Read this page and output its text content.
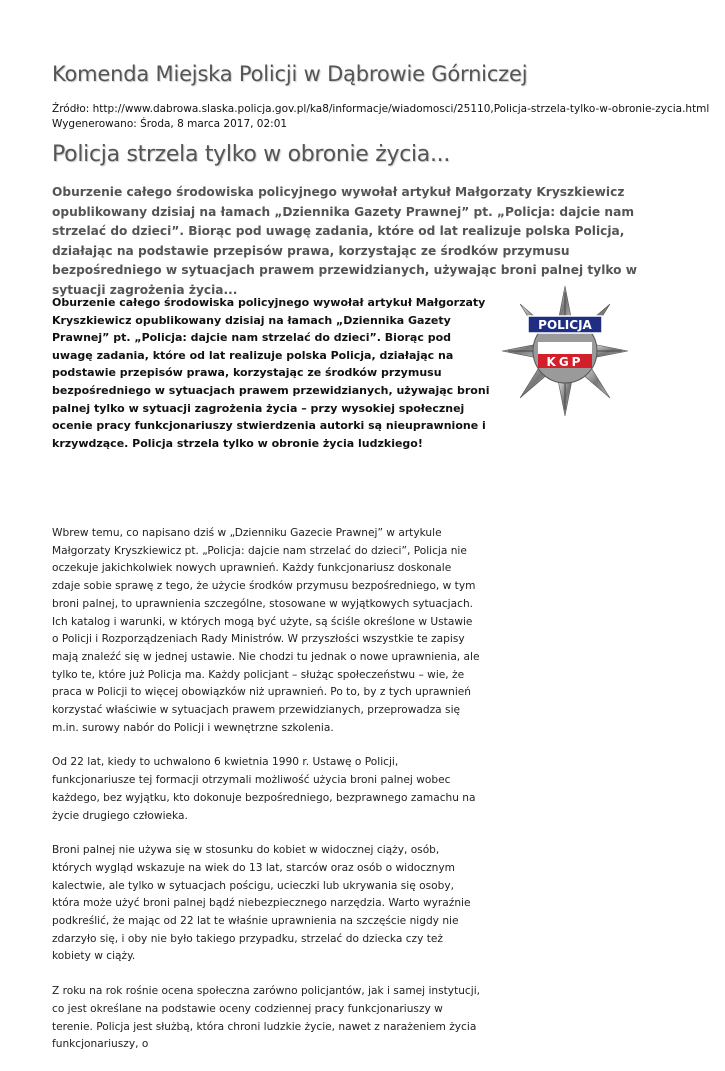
Komenda Miejska Policji w Dąbrowie Górniczej
Źródło: http://www.dabrowa.slaska.policja.gov.pl/ka8/informacje/wiadomosci/25110,Policja-strzela-tylko-w-obronie-zycia.html
Wygenerowano: Środa, 8 marca 2017, 02:01
Policja strzela tylko w obronie życia...

Oburzenie całego środowiska policyjnego wywołał artykuł Małgorzaty Kryszkiewicz opublikowany dzisiaj na łamach „Dziennika Gazety Prawnej” pt. „Policja: dajcie nam strzelać do dzieci”. Biorąc pod uwagę zadania, które od lat realizuje polska Policja, działając na podstawie przepisów prawa, korzystając ze środków przymusu bezpośredniego w sytuacjach prawem przewidzianych, używając broni palnej tylko w sytuacji zagrożenia życia...

Oburzenie całego środowiska policyjnego wywołał artykuł Małgorzaty Kryszkiewicz opublikowany dzisiaj na łamach „Dziennika Gazety Prawnej” pt. „Policja: dajcie nam strzelać do dzieci”. Biorąc pod uwagę zadania, które od lat realizuje polska Policja, działając na podstawie przepisów prawa, korzystając ze środków przymusu bezpośredniego w sytuacjach prawem przewidzianych, używając broni palnej tylko w sytuacji zagrożenia życia – przy wysokiej społecznej ocenie pracy funkcjonariuszy stwierdzenia autorki są nieuprawnione i krzywdzące. Policja strzela tylko w obronie życia ludzkiego!

POLICJA
KGP

Wbrew temu, co napisano dziś w „Dzienniku Gazecie Prawnej” w artykule Małgorzaty Kryszkiewicz pt. „Policja: dajcie nam strzelać do dzieci”, Policja nie oczekuje jakichkolwiek nowych uprawnień. Każdy funkcjonariusz doskonale zdaje sobie sprawę z tego, że użycie środków przymusu bezpośredniego, w tym broni palnej, to uprawnienia szczególne, stosowane w wyjątkowych sytuacjach. Ich katalog i warunki, w których mogą być użyte, są ściśle określone w Ustawie o Policji i Rozporządzeniach Rady Ministrów. W przyszłości wszystkie te zapisy mają znaleźć się w jednej ustawie. Nie chodzi tu jednak o nowe uprawnienia, ale tylko te, które już Policja ma. Każdy policjant – służąc społeczeństwu – wie, że praca w Policji to więcej obowiązków niż uprawnień. Po to, by z tych uprawnień korzystać właściwie w sytuacjach prawem przewidzianych, przeprowadza się m.in. surowy nabór do Policji i wewnętrzne szkolenia.

Od 22 lat, kiedy to uchwalono 6 kwietnia 1990 r. Ustawę o Policji, funkcjonariusze tej formacji otrzymali możliwość użycia broni palnej wobec każdego, bez wyjątku, kto dokonuje bezpośredniego, bezprawnego zamachu na życie drugiego człowieka.

Broni palnej nie używa się w stosunku do kobiet w widocznej ciąży, osób, których wygląd wskazuje na wiek do 13 lat, starców oraz osób o widocznym kalectwie, ale tylko w sytuacjach pościgu, ucieczki lub ukrywania się osoby, która może użyć broni palnej bądź niebezpiecznego narzędzia. Warto wyraźnie podkreślić, że mając od 22 lat te właśnie uprawnienia na szczęście nigdy nie zdarzyło się, i oby nie było takiego przypadku, strzelać do dziecka czy też kobiety w ciąży.

Z roku na rok rośnie ocena społeczna zarówno policjantów, jak i samej instytucji, co jest określane na podstawie oceny codziennej pracy funkcjonariuszy w terenie. Policja jest służbą, która chroni ludzkie życie, nawet z narażeniem życia funkcjonariuszy, o
